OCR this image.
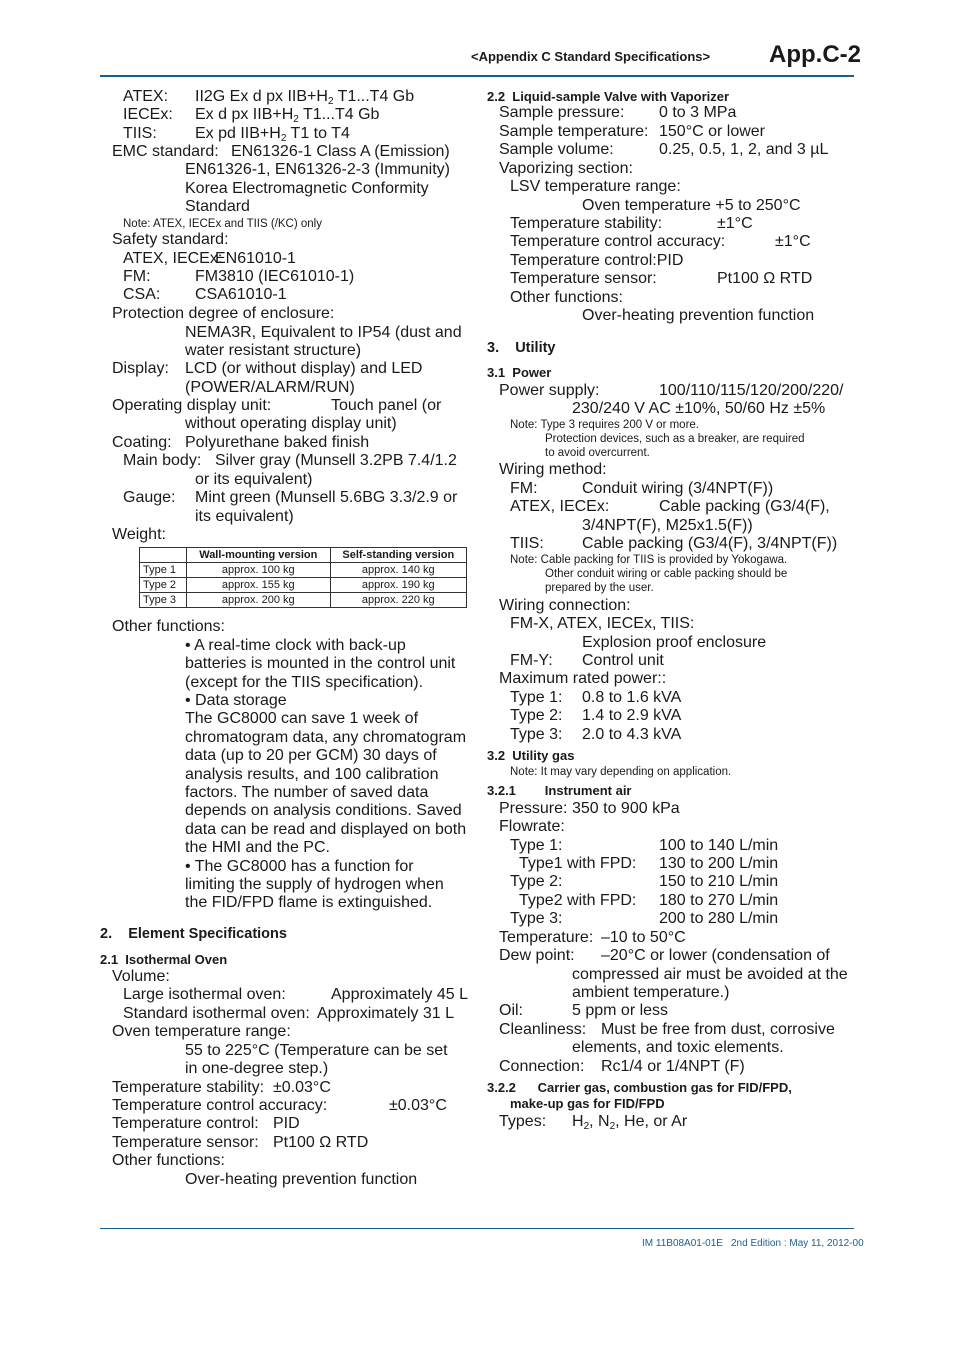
<Appendix C Standard Specifications> App.C-2
ATEX: II2G Ex d px $IIB+H_2$ T1...T4 Gb
IECEx: Ex d px $IIB+H_2$ T1...T4 Gb
TIIS: Ex pd $IIB+H_2$ T1 to T4
EMC standard: EN61326-1 Class A (Emission)
EN61326-1, EN61326-2-3 (Immunity)
Korea Electromagnetic Conformity
Standard
Note: ATEX, IECEx and TIIS (/KC) only
Safety standard:
ATEX, IECEx:
EN61010-1
FM:	FM3810 (IEC61010-1)
CSA: CSA61010-1
Protection degree of enclosure:
NEMA3R, Equivalent to IP54 (dust and
water resistant structure)
Display: LCD (or without display) and LED
(POWER/ALARM/RUN)
Operating display unit:	Touch panel (or
without operating display unit)
Coating: Polyurethane baked finish
Main body: Silver gray (Munsell 3.2PB 7.4/1.2
or its equivalent)
Gauge: Mint green (Munsell 5.6BG 3.3/2.9 or
its equivalent)
Weight:
	Wall-mounting version	Self-standing version
Type 1	approx. 100 kg	approx. 140 kg
Type 2	approx. 155 kg	approx. 190 kg
Type 3	approx. 200 kg	approx. 220 kg
Other functions:
• A real-time clock with back-up
batteries is mounted in the control unit
(except for the TIIS specification).
• Data storage
The GC8000 can save 1 week of
chromatogram data, any chromatogram
data (up to 20 per GCM) 30 days of
analysis results, and 100 calibration
factors. The number of saved data
depends on analysis conditions. Saved
data can be read and displayed on both
the HMI and the PC.
• The GC8000 has a function for
limiting the supply of hydrogen when
the FID/FPD flame is extinguished.
2.    Element Specifications
2.1  Isothermal Oven
Volume:
Large isothermal oven:	Approximately 45 L
Standard isothermal oven: Approximately 31 L
Oven temperature range:
55 to 225°C (Temperature can be set
in one-degree step.)
Temperature stability: ±0.03°C
Temperature control accuracy:	±0.03°C
Temperature control: PID
Temperature sensor: Pt100 Ω RTD
Other functions:
Over-heating prevention function
2.2  Liquid-sample Valve with Vaporizer
Sample pressure: 0 to 3 MPa
Sample temperature: 150°C or lower
Sample volume:	0.25, 0.5, 1, 2, and 3 µL
Vaporizing section:
LSV temperature range:
Oven temperature +5 to 250°C
Temperature stability:	±1°C
Temperature control accuracy:	±1°C
Temperature control:PID
Temperature sensor:	Pt100 Ω RTD
Other functions:
Over-heating prevention function
3.    Utility
3.1  Power
Power supply:	100/110/115/120/200/220/
230/240 V AC ±10%, 50/60 Hz ±5%
Note: Type 3 requires 200 V or more.
Protection devices, such as a breaker, are required
to avoid overcurrent.
Wiring method:
FM:	Conduit wiring (3/4NPT(F))
ATEX, IECEx:	Cable packing (G3/4(F),
3/4NPT(F), M25x1.5(F))
TIIS: Cable packing (G3/4(F), 3/4NPT(F))
Note: Cable packing for TIIS is provided by Yokogawa.
Other conduit wiring or cable packing should be
prepared by the user.
Wiring connection:
FM-X, ATEX, IECEx, TIIS:
Explosion proof enclosure
FM-Y: Control unit
Maximum rated power::
Type 1: 0.8 to 1.6 kVA
Type 2: 1.4 to 2.9 kVA
Type 3: 2.0 to 4.3 kVA
3.2  Utility gas
Note: It may vary depending on application.
3.2.1        Instrument air
Pressure: 350 to 900 kPa
Flowrate:
Type 1:	100 to 140 L/min
Type1 with FPD: 130 to 200 L/min
Type 2:	150 to 210 L/min
Type2 with FPD: 180 to 270 L/min
Type 3:	200 to 280 L/min
Temperature: –10 to 50°C
Dew point: –20°C or lower (condensation of
compressed air must be avoided at the
ambient temperature.)
Oil:	5 ppm or less
Cleanliness: Must be free from dust, corrosive
elements, and toxic elements.
Connection: Rc1/4 or 1/4NPT (F)
3.2.2      Carrier gas, combustion gas for FID/FPD,
make-up gas for FID/FPD
Types: $H_2$, $N_2$, He, or Ar
IM 11B08A01-01E 2nd Edition : May 11, 2012-00
